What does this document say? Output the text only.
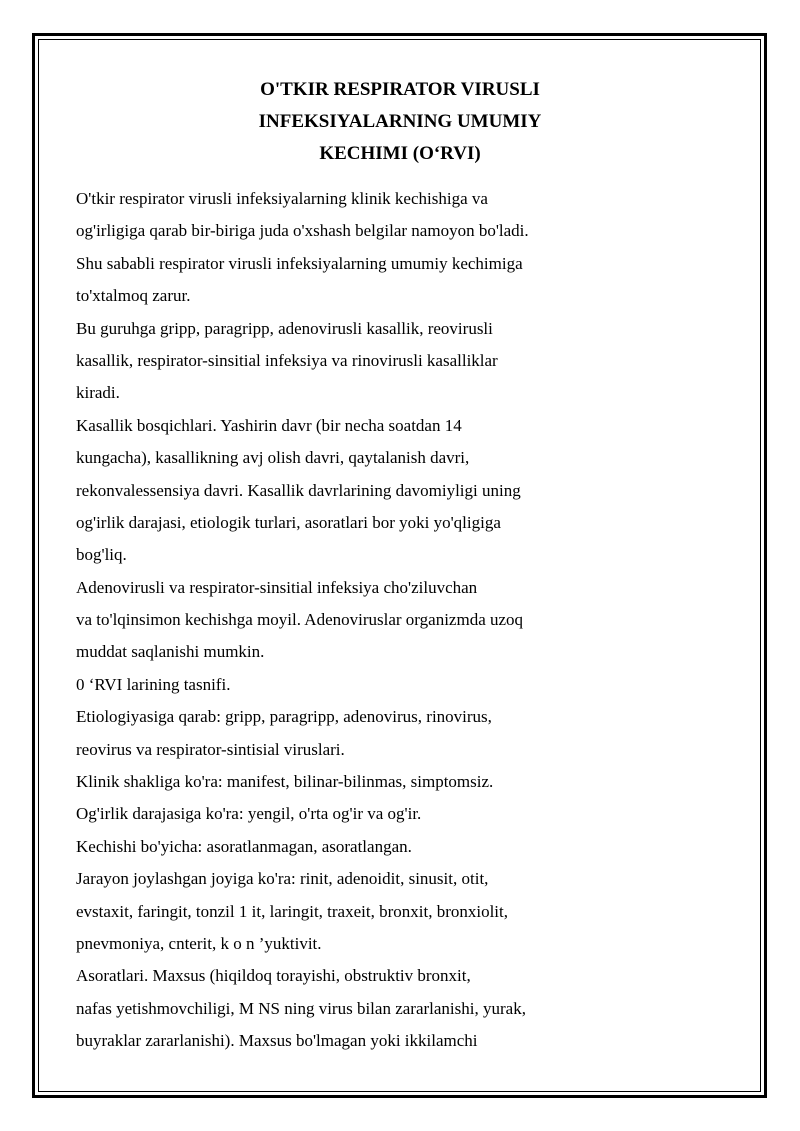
O'TKIR RESPIRATOR VIRUSLI
INFEKSIYALARNING UMUMIY
KECHIMI (O‘RVI)
O'tkir respirator virusli infeksiyalarning klinik kechishiga va
og'irligiga qarab bir-biriga juda o'xshash belgilar namoyon bo'ladi.
Shu sababli respirator virusli infeksiyalarning umumiy kechimiga
to'xtalmoq zarur.
Bu guruhga gripp, paragripp, adenovirusli kasallik, reovirusli
kasallik, respirator-sinsitial infeksiya va rinovirusli kasalliklar
kiradi.
Kasallik bosqichlari. Yashirin davr (bir necha soatdan 14
kungacha), kasallikning avj olish davri, qaytalanish davri,
rekonvalessensiya davri. Kasallik davrlarining davomiyligi uning
og'irlik darajasi, etiologik turlari, asoratlari bor yoki yo'qligiga
bog'liq.
Adenovirusli va respirator-sinsitial infeksiya cho'ziluvchan
va to'lqinsimon kechishga moyil. Adenoviruslar organizmda uzoq
muddat saqlanishi mumkin.
0 ‘RVI larining tasnifi.
Etiologiyasiga qarab: gripp, paragripp, adenovirus, rinovirus,
reovirus va respirator-sintisial viruslari.
Klinik shakliga ko'ra: manifest, bilinar-bilinmas, simptomsiz.
Og'irlik darajasiga ko'ra: yengil, o'rta og'ir va og'ir.
Kechishi bo'yicha: asoratlanmagan, asoratlangan.
Jarayon joylashgan joyiga ko'ra: rinit, adenoidit, sinusit, otit,
evstaxit, faringit, tonzil 1 it, laringit, traxeit, bronxit, bronxiolit,
pnevmoniya, cnterit, k o n ’yuktivit.
Asoratlari. Maxsus (hiqildoq torayishi, obstruktiv bronxit,
nafas yetishmovchiligi, M NS ning virus bilan zararlanishi, yurak,
buyraklar zararlanishi). Maxsus bo'lmagan yoki ikkilamchi
